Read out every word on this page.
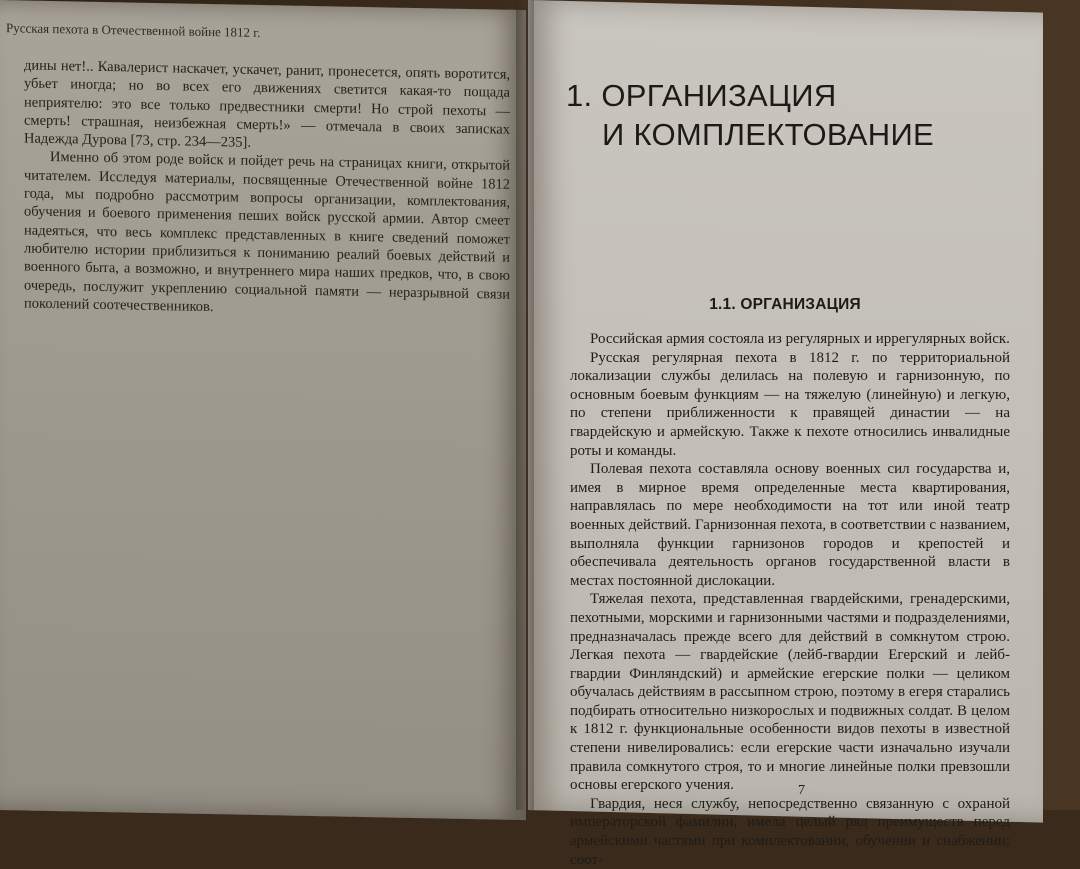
Русская пехота в Отечественной войне 1812 г.

дины нет!.. Кавалерист наскачет, ускачет, ранит, пронесется, опять воротится, убьет иногда; но во всех его движениях светится какая-то пощада неприятелю: это все только предвестники смерти! Но строй пехоты — смерть! страшная, неизбежная смерть!» — отмечала в своих записках Надежда Дурова [73, стр. 234—235].

Именно об этом роде войск и пойдет речь на страницах книги, открытой читателем. Исследуя материалы, посвященные Отечественной войне 1812 года, мы подробно рассмотрим вопросы организации, комплектования, обучения и боевого применения пеших войск русской армии. Автор смеет надеяться, что весь комплекс представленных в книге сведений поможет любителю истории приблизиться к пониманию реалий боевых действий и военного быта, а возможно, и внутреннего мира наших предков, что, в свою очередь, послужит укреплению социальной памяти — неразрывной связи поколений соотечественников.

1. ОРГАНИЗАЦИЯ
И КОМПЛЕКТОВАНИЕ
1.1. ОРГАНИЗАЦИЯ

Российская армия состояла из регулярных и иррегулярных войск.

Русская регулярная пехота в 1812 г. по территориальной локализации службы делилась на полевую и гарнизонную, по основным боевым функциям — на тяжелую (линейную) и легкую, по степени приближенности к правящей династии — на гвардейскую и армейскую. Также к пехоте относились инвалидные роты и команды.

Полевая пехота составляла основу военных сил государства и, имея в мирное время определенные места квартирования, направлялась по мере необходимости на тот или иной театр военных действий. Гарнизонная пехота, в соответствии с названием, выполняла функции гарнизонов городов и крепостей и обеспечивала деятельность органов государственной власти в местах постоянной дислокации.

Тяжелая пехота, представленная гвардейскими, гренадерскими, пехотными, морскими и гарнизонными частями и подразделениями, предназначалась прежде всего для действий в сомкнутом строю. Легкая пехота — гвардейские (лейб-гвардии Егерский и лейб-гвардии Финляндский) и армейские егерские полки — целиком обучалась действиям в рассыпном строю, поэтому в егеря старались подбирать относительно низкорослых и подвижных солдат. В целом к 1812 г. функциональные особенности видов пехоты в известной степени нивелировались: если егерские части изначально изучали правила сомкнутого строя, то и многие линейные полки превзошли основы егерского учения.

Гвардия, неся службу, непосредственно связанную с охраной императорской фамилии, имела целый ряд преимуществ перед армейскими частями при комплектовании, обучении и снабжении; соот-

7
